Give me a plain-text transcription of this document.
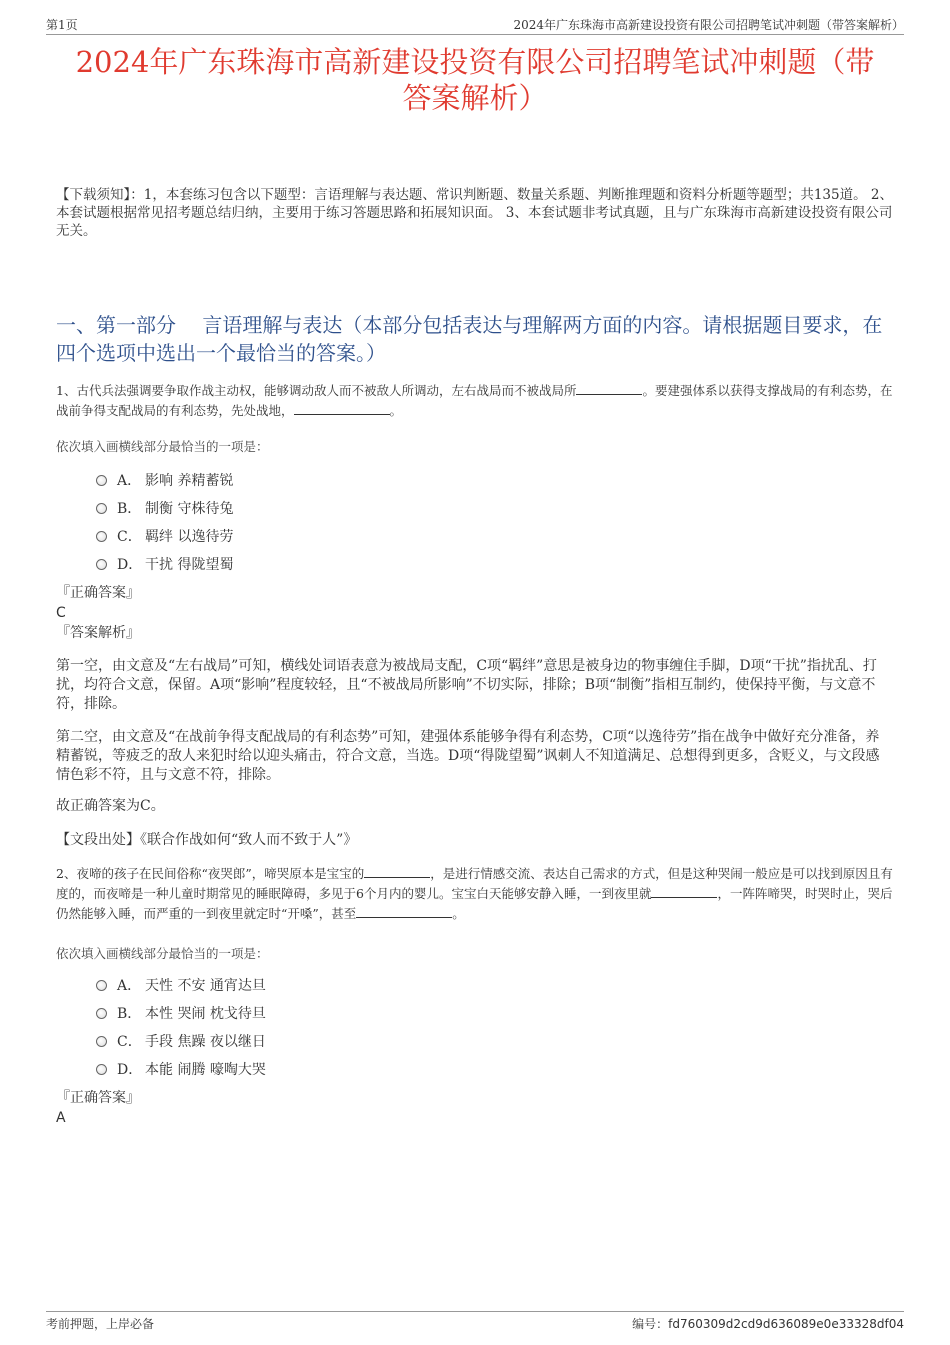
第1页	2024年广东珠海市高新建设投资有限公司招聘笔试冲刺题（带答案解析）
2024年广东珠海市高新建设投资有限公司招聘笔试冲刺题（带
答案解析）
【下载须知】：1，本套练习包含以下题型：言语理解与表达题、常识判断题、数量关系题、判断推理题和资料分析题等题型；共135道。 2、本套试题根据常见招考题总结归纳，主要用于练习答题思路和拓展知识面。 3、本套试题非考试真题，且与广东珠海市高新建设投资有限公司无关。
一、第一部分　 言语理解与表达（本部分包括表达与理解两方面的内容。请根据题目要求，在四个选项中选出一个最恰当的答案。）
1、古代兵法强调要争取作战主动权，能够调动敌人而不被敌人所调动，左右战局而不被战局所	。要建强体系以获得支撑战局的有利态势，在战前争得支配战局的有利态势，先处战地，	。
依次填入画横线部分最恰当的一项是：
A． 影响 养精蓄锐
B． 制衡 守株待兔
C． 羁绊 以逸待劳
D． 干扰 得陇望蜀
『正确答案』
C
『答案解析』
第一空，由文意及“左右战局”可知，横线处词语表意为被战局支配，C项“羁绊”意思是被身边的物事缠住手脚，D项“干扰”指扰乱、打扰，均符合文意，保留。A项“影响”程度较轻，且“不被战局所影响”不切实际，排除；B项“制衡”指相互制约，使保持平衡，与文意不符，排除。
第二空，由文意及“在战前争得支配战局的有利态势”可知，建强体系能够争得有利态势，C项“以逸待劳”指在战争中做好充分准备，养精蓄锐，等疲乏的敌人来犯时给以迎头痛击，符合文意，当选。D项“得陇望蜀”讽刺人不知道满足、总想得到更多，含贬义，与文段感情色彩不符，且与文意不符，排除。
故正确答案为C。
【文段出处】《联合作战如何“致人而不致于人”》
2、夜啼的孩子在民间俗称“夜哭郎”，啼哭原本是宝宝的	，是进行情感交流、表达自己需求的方式，但是这种哭闹一般应是可以找到原因且有度的，而夜啼是一种儿童时期常见的睡眠障碍，多见于6个月内的婴儿。宝宝白天能够安静入睡，一到夜里就	，一阵阵啼哭，时哭时止，哭后仍然能够入睡，而严重的一到夜里就定时“开嗓”，甚至	。
依次填入画横线部分最恰当的一项是：
A． 天性 不安 通宵达旦
B． 本性 哭闹 枕戈待旦
C． 手段 焦躁 夜以继日
D． 本能 闹腾 嚎啕大哭
『正确答案』
A
考前押题，上岸必备	编号：fd760309d2cd9d636089e0e33328df04
